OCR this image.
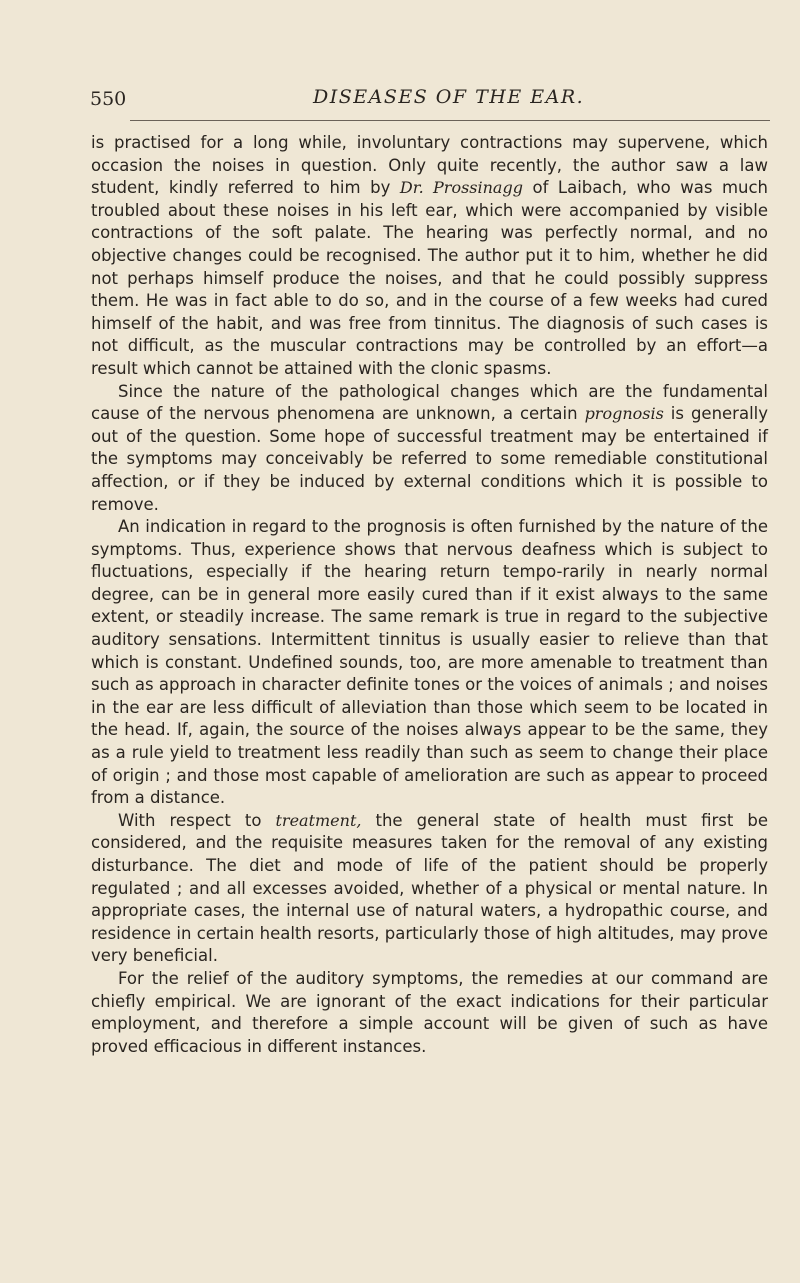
550	DISEASES OF THE EAR.

is practised for a long while, involuntary contractions may supervene, which occasion the noises in question. Only quite recently, the author saw a law student, kindly referred to him by Dr. Prossinagg of Laibach, who was much troubled about these noises in his left ear, which were accompanied by visible contractions of the soft palate. The hearing was perfectly normal, and no objective changes could be recognised. The author put it to him, whether he did not perhaps himself produce the noises, and that he could possibly suppress them. He was in fact able to do so, and in the course of a few weeks had cured himself of the habit, and was free from tinnitus. The diagnosis of such cases is not difficult, as the muscular contractions may be controlled by an effort—a result which cannot be attained with the clonic spasms.

Since the nature of the pathological changes which are the fundamental cause of the nervous phenomena are unknown, a certain prognosis is generally out of the question. Some hope of successful treatment may be entertained if the symptoms may conceivably be referred to some remediable constitutional affection, or if they be induced by external conditions which it is possible to remove.

An indication in regard to the prognosis is often furnished by the nature of the symptoms. Thus, experience shows that nervous deafness which is subject to fluctuations, especially if the hearing return tempo-rarily in nearly normal degree, can be in general more easily cured than if it exist always to the same extent, or steadily increase. The same remark is true in regard to the subjective auditory sensations. Intermittent tinnitus is usually easier to relieve than that which is constant. Undefined sounds, too, are more amenable to treatment than such as approach in character definite tones or the voices of animals ; and noises in the ear are less difficult of alleviation than those which seem to be located in the head. If, again, the source of the noises always appear to be the same, they as a rule yield to treatment less readily than such as seem to change their place of origin ; and those most capable of amelioration are such as appear to proceed from a distance.

With respect to treatment, the general state of health must first be considered, and the requisite measures taken for the removal of any existing disturbance. The diet and mode of life of the patient should be properly regulated ; and all excesses avoided, whether of a physical or mental nature. In appropriate cases, the internal use of natural waters, a hydropathic course, and residence in certain health resorts, particularly those of high altitudes, may prove very beneficial.

For the relief of the auditory symptoms, the remedies at our command are chiefly empirical. We are ignorant of the exact indications for their particular employment, and therefore a simple account will be given of such as have proved efficacious in different instances.
